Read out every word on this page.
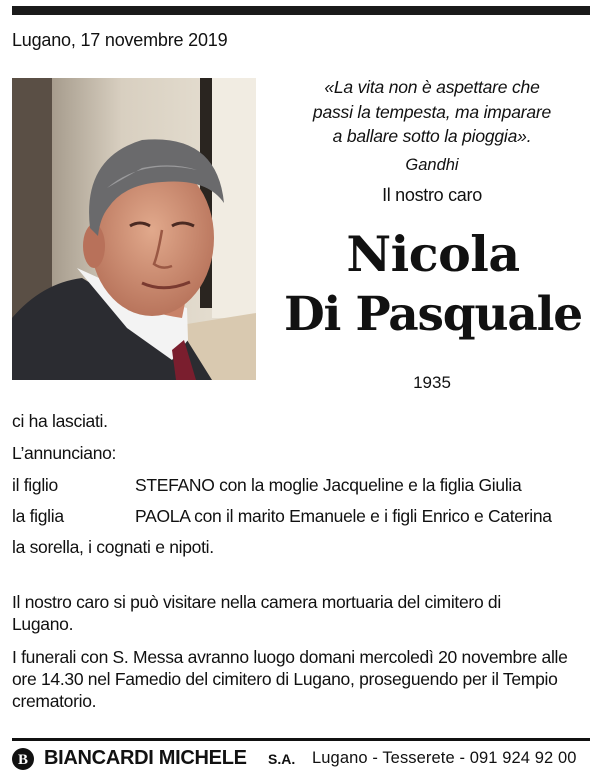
Lugano, 17 novembre 2019
«La vita non è aspettare che
passi la tempesta, ma imparare
a ballare sotto la pioggia».
Gandhi
Il nostro caro
Nicola
Di Pasquale
1935
ci ha lasciati.
L’annunciano:
il figlio	STEFANO con la moglie Jacqueline e la figlia Giulia
la figlia	PAOLA con il marito Emanuele e i figli Enrico e Caterina
la sorella, i cognati e nipoti.
Il nostro caro si può visitare nella camera mortuaria del cimitero di Lugano.
I funerali con S. Messa avranno luogo domani mercoledì 20 novembre alle ore 14.30 nel Famedio del cimitero di Lugano, proseguendo per il Tempio crematorio.
B BIANCARDI MICHELE S.A. Lugano - Tesserete - 091 924 92 00
